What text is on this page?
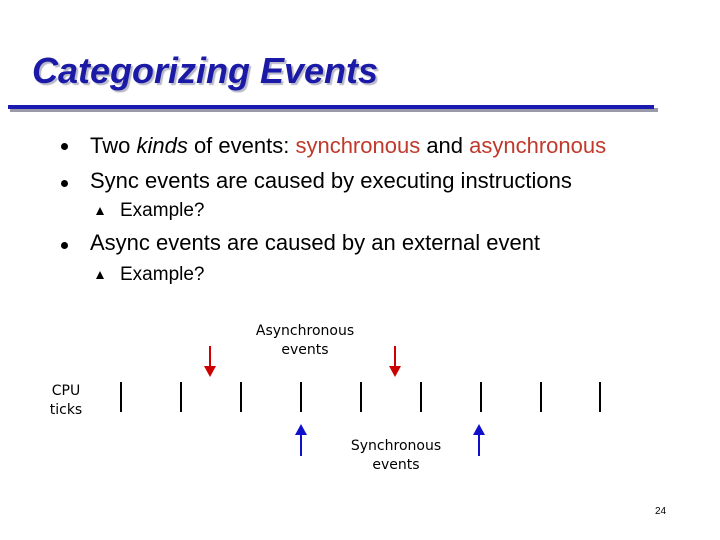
Categorizing Events
Two kinds of events: synchronous and asynchronous
Sync events are caused by executing instructions
Example?
Async events are caused by an external event
Example?
Asynchronous
events
CPU
ticks
Synchronous
events
24
